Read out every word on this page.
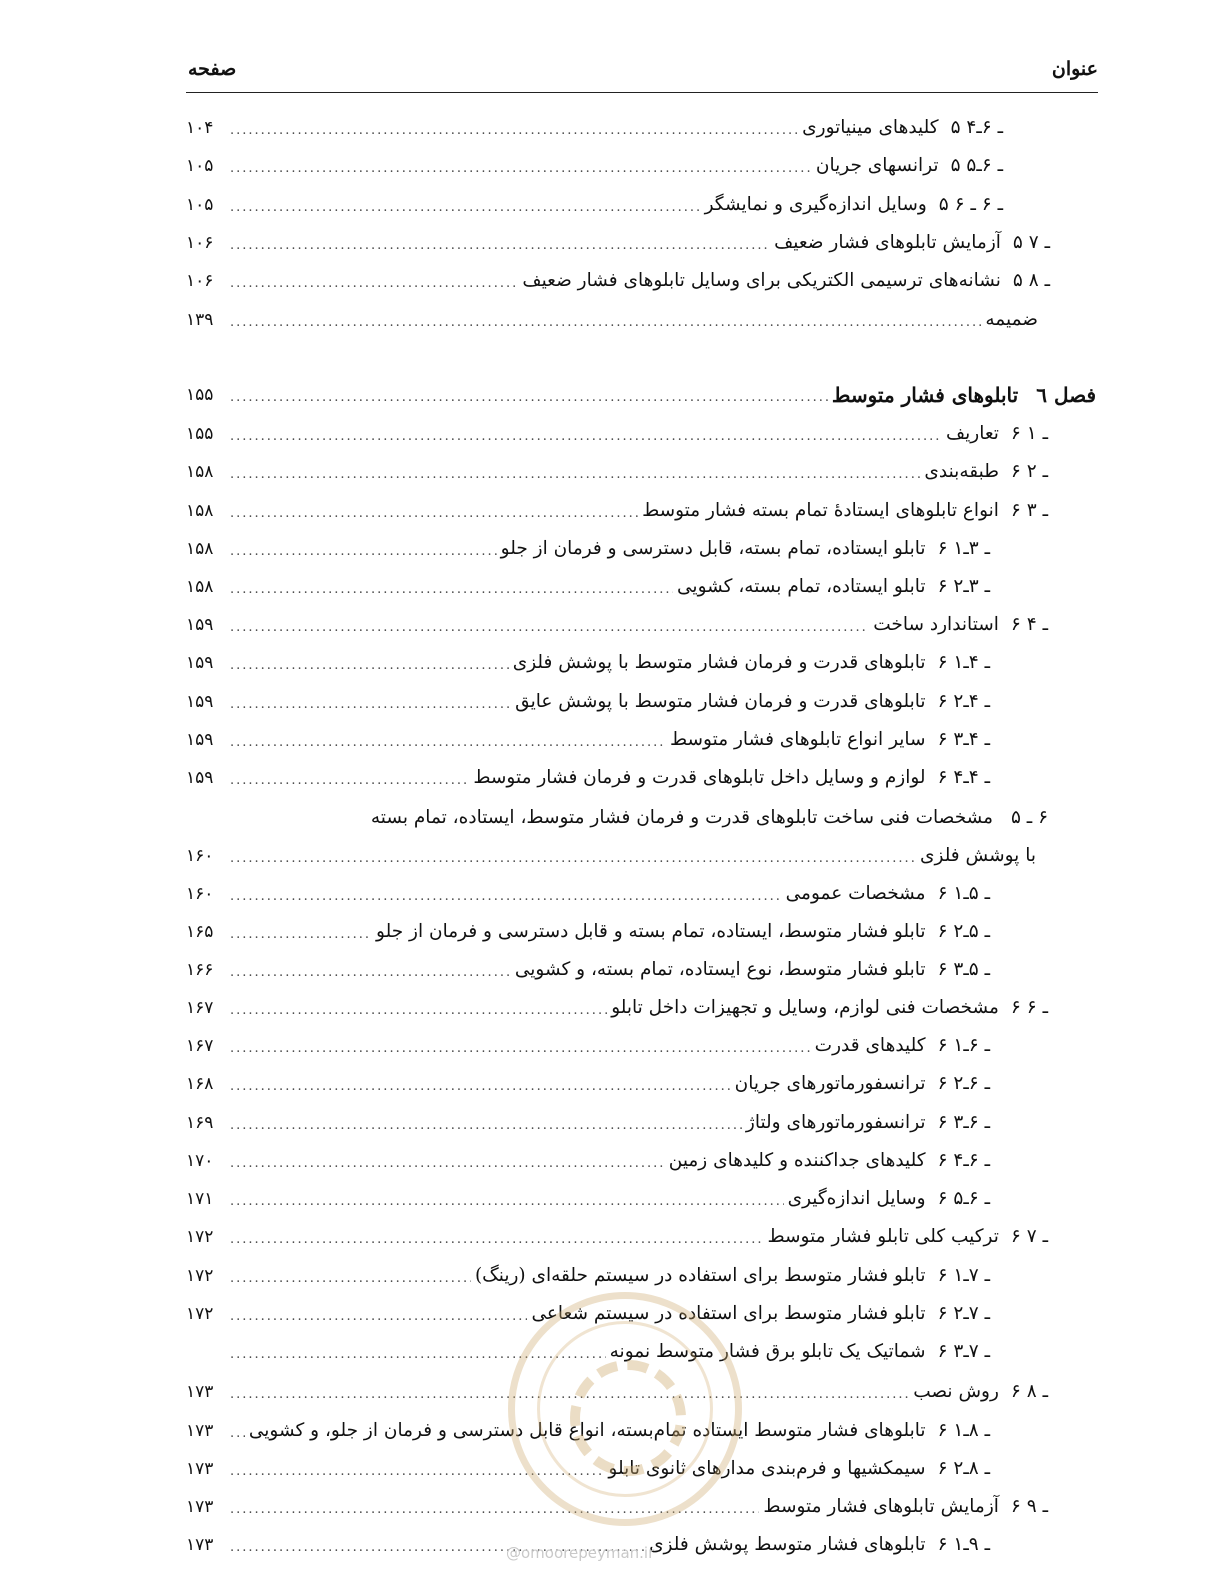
عنوان
صفحه
۵ ـ ۶ـ۴
کلیدهای مینیاتوری
.....
۱۰۴
۵ ـ ۶ـ۵
ترانسهای جریان
.....
۱۰۵
۵ ـ ۶ ـ ۶
وسایل اندازه‌گیری و نمایشگر
.....
۱۰۵
۵ ـ ۷
آزمایش تابلوهای فشار ضعیف
.....
۱۰۶
۵ ـ ۸
نشانه‌های ترسیمی الکتریکی برای وسایل تابلوهای فشار ضعیف
.....
۱۰۶
ضمیمه
.....
۱۳۹
فصل ٦
تابلوهای فشار متوسط
.....
۱۵۵
۶ ـ ۱
تعاریف
.....
۱۵۵
۶ ـ ۲
طبقه‌بندی
.....
۱۵۸
۶ ـ ۳
انواع تابلوهای ایستادهٔ تمام بسته فشار متوسط
.....
۱۵۸
۶ ـ ۳ـ۱
تابلو ایستاده، تمام بسته، قابل دسترسی و فرمان از جلو
.....
۱۵۸
۶ ـ ۳ـ۲
تابلو ایستاده، تمام بسته، کشویی
.....
۱۵۸
۶ ـ ۴
استاندارد ساخت
.....
۱۵۹
۶ ـ ۴ـ۱
تابلوهای قدرت و فرمان فشار متوسط با پوشش فلزی
.....
۱۵۹
۶ ـ ۴ـ۲
تابلوهای قدرت و فرمان فشار متوسط با پوشش عایق
.....
۱۵۹
۶ ـ ۴ـ۳
سایر انواع تابلوهای فشار متوسط
.....
۱۵۹
۶ ـ ۴ـ۴
لوازم و وسایل داخل تابلوهای قدرت و فرمان فشار متوسط
.....
۱۵۹
با پوشش فلزی
.....
۱۶۰
۶ ـ ۵ـ۱
مشخصات عمومی
.....
۱۶۰
۶ ـ ۵ـ۲
تابلو فشار متوسط، ایستاده، تمام بسته و قابل دسترسی و فرمان از جلو
.....
۱۶۵
۶ ـ ۵ـ۳
تابلو فشار متوسط، نوع ایستاده، تمام بسته، و کشویی
.....
۱۶۶
۶ ـ ۶
مشخصات فنی لوازم، وسایل و تجهیزات داخل تابلو
.....
۱۶۷
۶ ـ ۶ـ۱
کلیدهای قدرت
.....
۱۶۷
۶ ـ ۶ـ۲
ترانسفورماتورهای جریان
.....
۱۶۸
۶ ـ ۶ـ۳
ترانسفورماتورهای ولتاژ
.....
۱۶۹
۶ ـ ۶ـ۴
کلیدهای جداکننده و کلیدهای زمین
.....
۱۷۰
۶ ـ ۶ـ۵
وسایل اندازه‌گیری
.....
۱۷۱
۶ ـ ۷
ترکیب کلی تابلو فشار متوسط
.....
۱۷۲
۶ ـ ۷ـ۱
تابلو فشار متوسط برای استفاده در سیستم حلقه‌ای (رینگ)
.....
۱۷۲
۶ ـ ۷ـ۲
تابلو فشار متوسط برای استفاده در سیستم شعاعی
.....
۱۷۲
۶ ـ ۷ـ۳
شماتیک یک تابلو برق فشار متوسط نمونه
.....
۶ ـ ۸
روش نصب
.....
۱۷۳
۶ ـ ۸ـ۱
تابلوهای فشار متوسط ایستاده تمام‌بسته، انواع قابل دسترسی و فرمان از جلو، و کشویی
.....
۱۷۳
۶ ـ ۸ـ۲
سیمکشیها و فرم‌بندی مدارهای ثانوی تابلو
.....
۱۷۳
۶ ـ ۹
آزمایش تابلوهای فشار متوسط
.....
۱۷۳
۶ ـ ۹ـ۱
تابلوهای فشار متوسط پوشش فلزی
.....
۱۷۳
۶ ـ ۵ مشخصات فنی ساخت تابلوهای قدرت و فرمان فشار متوسط، ایستاده، تمام بسته
@omoorepeyman.ir
